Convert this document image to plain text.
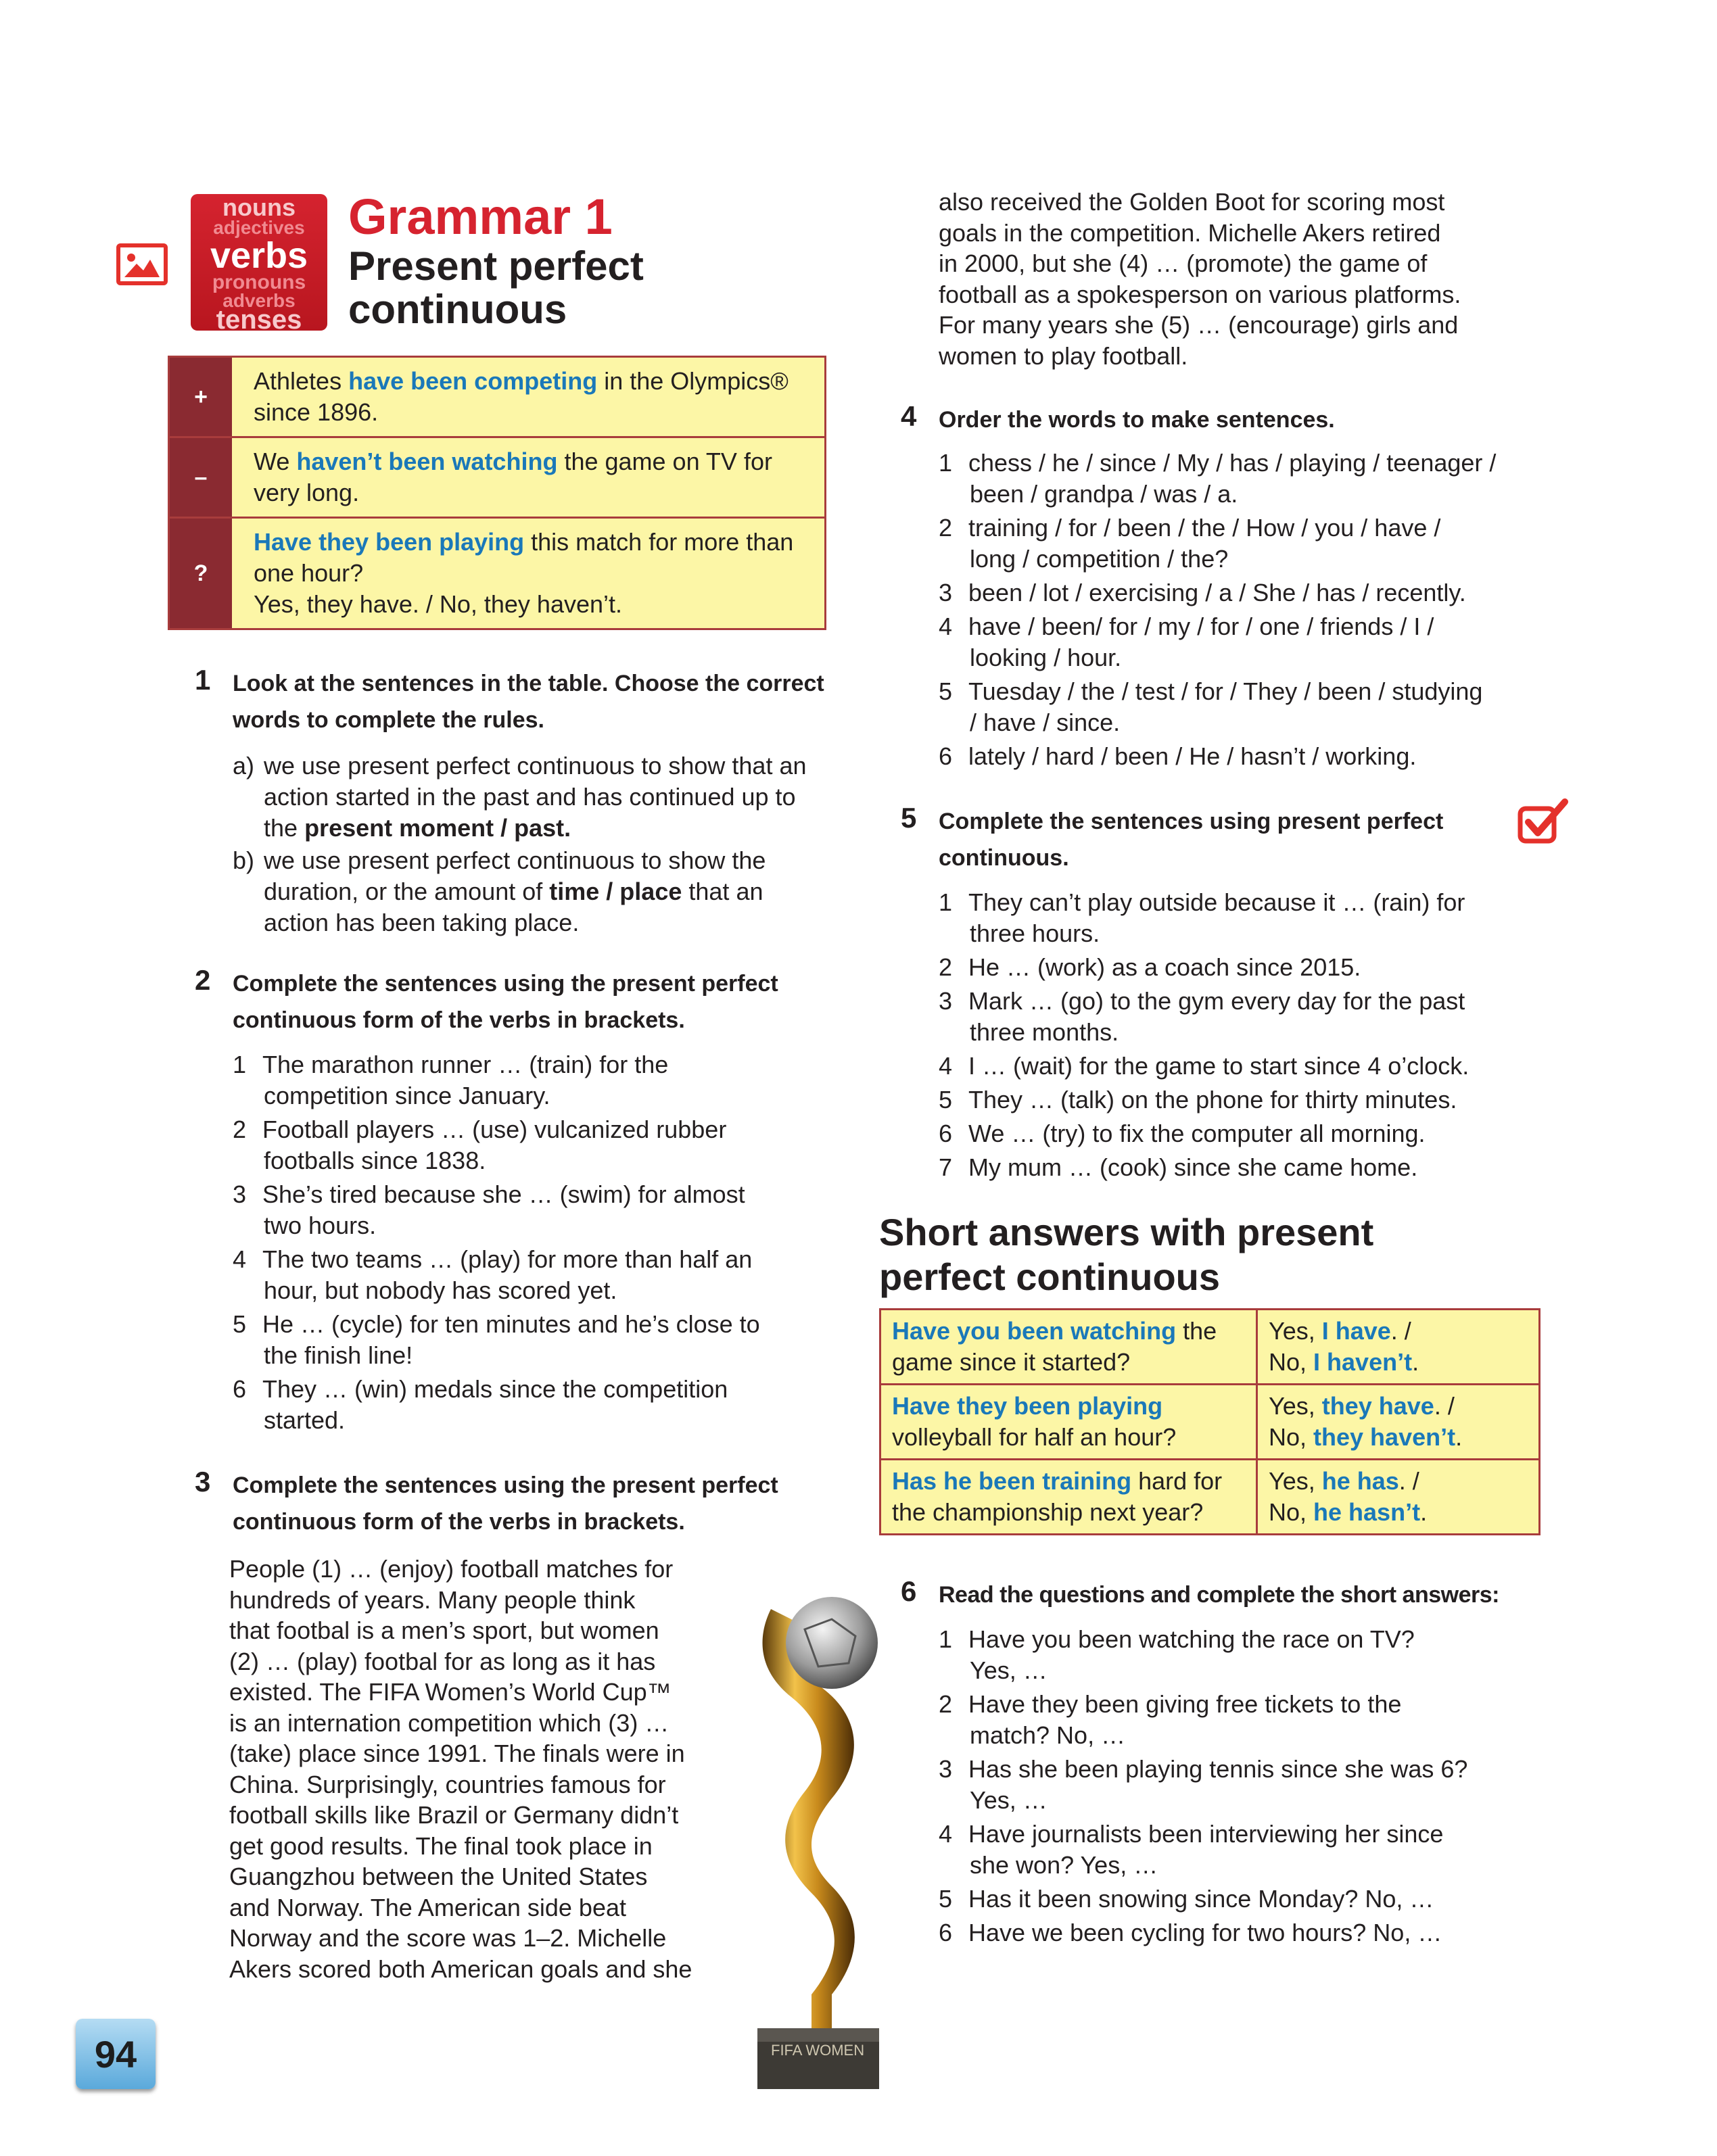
nouns
adjectives
verbs
pronouns
adverbs
tenses
Grammar 1
Present perfect continuous
+
Athletes have been competing in the Olympics® since 1896.
–
We haven’t been watching the game on TV for very long.
?
Have they been playing this match for more than one hour?
Yes, they have. / No, they haven’t.
1 Look at the sentences in the table. Choose the correct words to complete the rules.
a) we use present perfect continuous to show that an action started in the past and has continued up to the present moment / past.
b) we use present perfect continuous to show the duration, or the amount of time / place that an action has been taking place.
2 Complete the sentences using the present perfect continuous form of the verbs in brackets.
1 The marathon runner … (train) for the
competition since January.
2 Football players … (use) vulcanized rubber
footballs since 1838.
3 She’s tired because she … (swim) for almost
two hours.
4 The two teams … (play) for more than half an
hour, but nobody has scored yet.
5 He … (cycle) for ten minutes and he’s close to
the finish line!
6 They … (win) medals since the competition
started.
3 Complete the sentences using the present perfect continuous form of the verbs in brackets.
People (1) … (enjoy) football matches for
hundreds of years. Many people think
that footbal is a men’s sport, but women
(2) … (play) footbal for as long as it has
existed. The FIFA Women’s World Cup™
is an internation competition which (3) …
(take) place since 1991. The finals were in
China. Surprisingly, countries famous for
football skills like Brazil or Germany didn’t
get good results. The final took place in
Guangzhou between the United States
and Norway. The American side beat
Norway and the score was 1–2. Michelle
Akers scored both American goals and she
FIFA WOMEN
also received the Golden Boot for scoring most
goals in the competition. Michelle Akers retired
in 2000, but she (4) … (promote) the game of
football as a spokesperson on various platforms.
For many years she (5) … (encourage) girls and
women to play football.
4 Order the words to make sentences.
1 chess / he / since / My / has / playing / teenager /
been / grandpa / was / a.
2 training / for / been / the / How / you / have /
long / competition / the?
3 been / lot / exercising / a / She / has / recently.
4 have / been/ for / my / for / one / friends / I /
looking / hour.
5 Tuesday / the / test / for / They / been / studying
/ have / since.
6 lately / hard / been / He / hasn’t / working.
5 Complete the sentences using present perfect continuous.
1 They can’t play outside because it … (rain) for
three hours.
2 He … (work) as a coach since 2015.
3 Mark … (go) to the gym every day for the past
three months.
4 I … (wait) for the game to start since 4 o’clock.
5 They … (talk) on the phone for thirty minutes.
6 We … (try) to fix the computer all morning.
7 My mum … (cook) since she came home.
Short answers with present perfect continuous
Have you been watching the
game since it started?
Yes, I have. /
No, I haven’t.
Have they been playing
volleyball for half an hour?
Yes, they have. /
No, they haven’t.
Has he been training hard for
the championship next year?
Yes, he has. /
No, he hasn’t.
6 Read the questions and complete the short answers:
1 Have you been watching the race on TV?
Yes, …
2 Have they been giving free tickets to the
match? No, …
3 Has she been playing tennis since she was 6?
Yes, …
4 Have journalists been interviewing her since
she won? Yes, …
5 Has it been snowing since Monday? No, …
6 Have we been cycling for two hours? No, …
94
